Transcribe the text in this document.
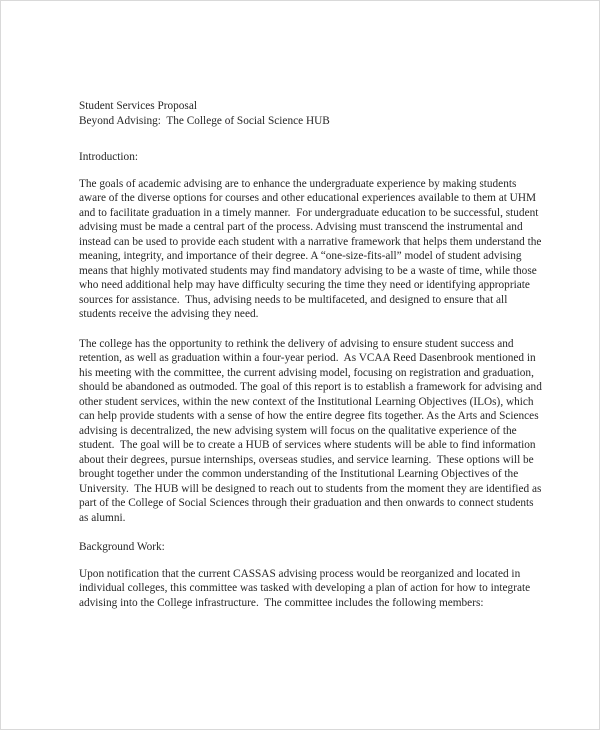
Student Services Proposal
Beyond Advising:  The College of Social Science HUB
Introduction:

The goals of academic advising are to enhance the undergraduate experience by making students aware of the diverse options for courses and other educational experiences available to them at UHM and to facilitate graduation in a timely manner.  For undergraduate education to be successful, student advising must be made a central part of the process. Advising must transcend the instrumental and instead can be used to provide each student with a narrative framework that helps them understand the meaning, integrity, and importance of their degree. A “one-size-fits-all” model of student advising means that highly motivated students may find mandatory advising to be a waste of time, while those who need additional help may have difficulty securing the time they need or identifying appropriate sources for assistance.  Thus, advising needs to be multifaceted, and designed to ensure that all students receive the advising they need.

The college has the opportunity to rethink the delivery of advising to ensure student success and retention, as well as graduation within a four-year period.  As VCAA Reed Dasenbrook mentioned in his meeting with the committee, the current advising model, focusing on registration and graduation, should be abandoned as outmoded. The goal of this report is to establish a framework for advising and other student services, within the new context of the Institutional Learning Objectives (ILOs), which can help provide students with a sense of how the entire degree fits together. As the Arts and Sciences advising is decentralized, the new advising system will focus on the qualitative experience of the student.  The goal will be to create a HUB of services where students will be able to find information about their degrees, pursue internships, overseas studies, and service learning.  These options will be brought together under the common understanding of the Institutional Learning Objectives of the University.  The HUB will be designed to reach out to students from the moment they are identified as part of the College of Social Sciences through their graduation and then onwards to connect students as alumni.

Background Work:

Upon notification that the current CASSAS advising process would be reorganized and located in individual colleges, this committee was tasked with developing a plan of action for how to integrate advising into the College infrastructure.  The committee includes the following members:
